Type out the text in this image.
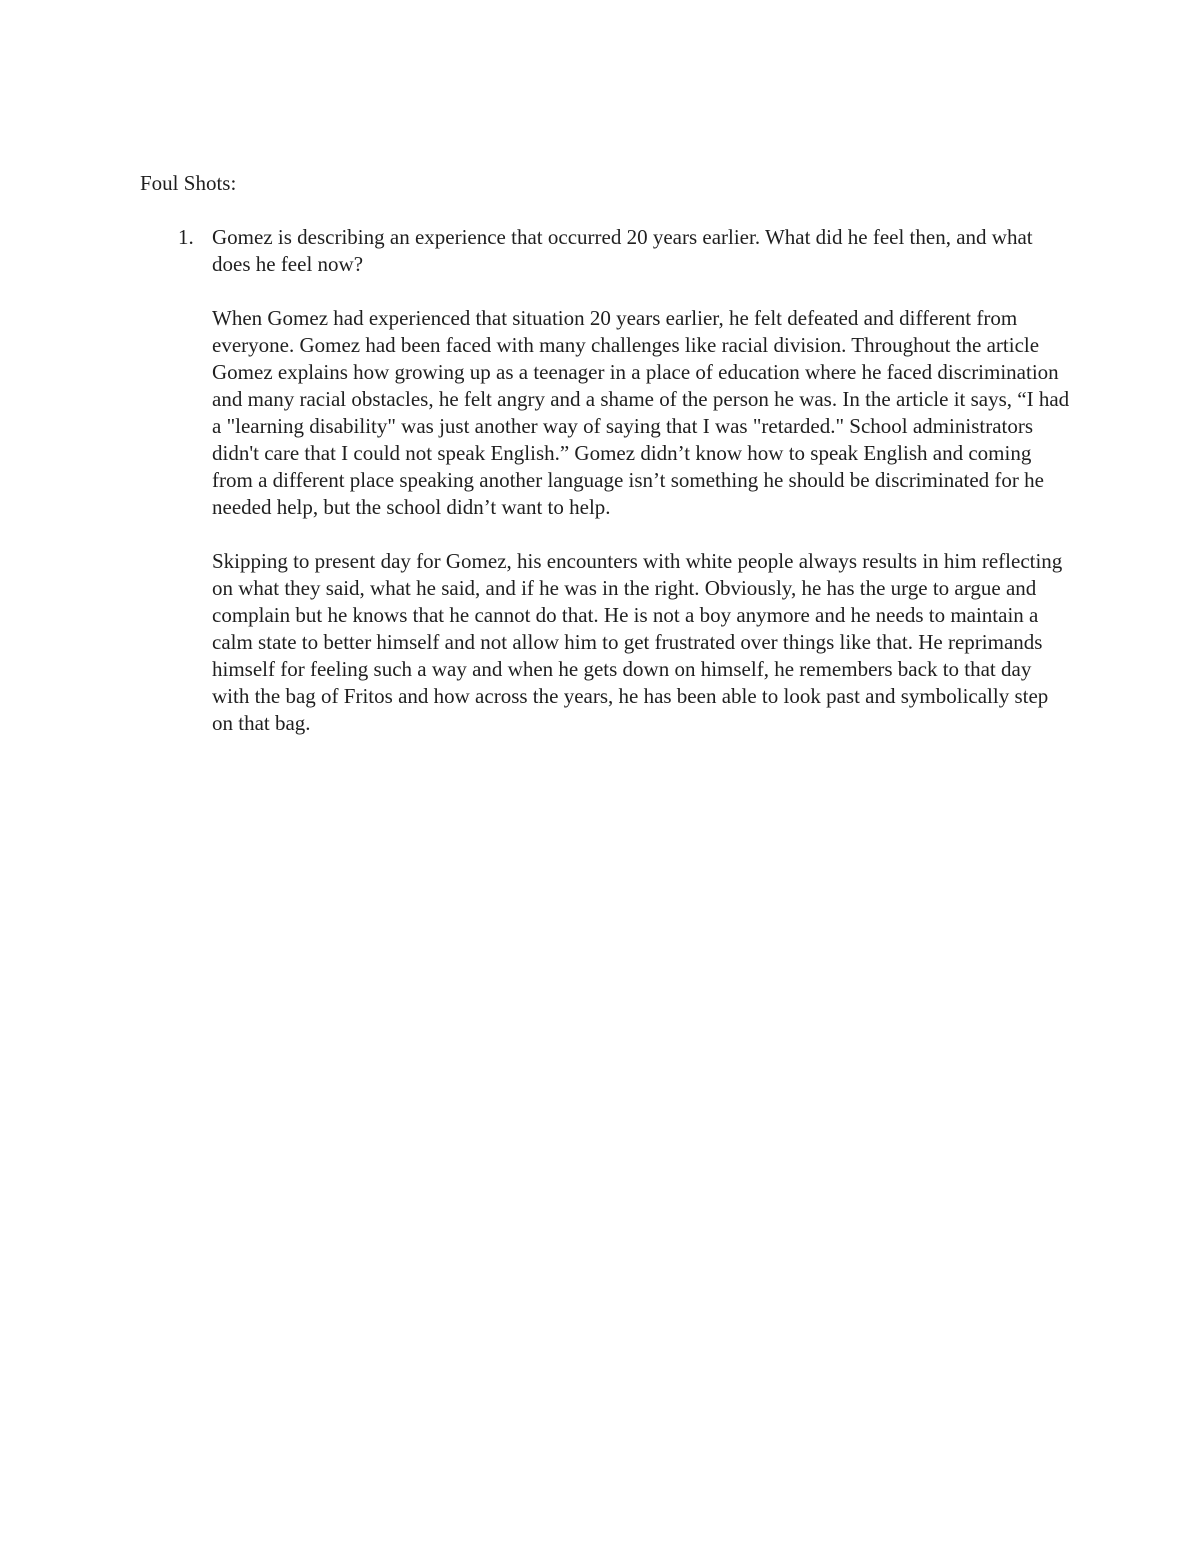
Foul Shots:

1. Gomez is describing an experience that occurred 20 years earlier. What did he feel then, and what does he feel now?

When Gomez had experienced that situation 20 years earlier, he felt defeated and different from everyone. Gomez had been faced with many challenges like racial division. Throughout the article Gomez explains how growing up as a teenager in a place of education where he faced discrimination and many racial obstacles, he felt angry and a shame of the person he was. In the article it says, “I had a "learning disability" was just another way of saying that I was "retarded." School administrators didn't care that I could not speak English.” Gomez didn’t know how to speak English and coming from a different place speaking another language isn’t something he should be discriminated for he needed help, but the school didn’t want to help.

Skipping to present day for Gomez, his encounters with white people always results in him reflecting on what they said, what he said, and if he was in the right. Obviously, he has the urge to argue and complain but he knows that he cannot do that. He is not a boy anymore and he needs to maintain a calm state to better himself and not allow him to get frustrated over things like that. He reprimands himself for feeling such a way and when he gets down on himself, he remembers back to that day with the bag of Fritos and how across the years, he has been able to look past and symbolically step on that bag.
